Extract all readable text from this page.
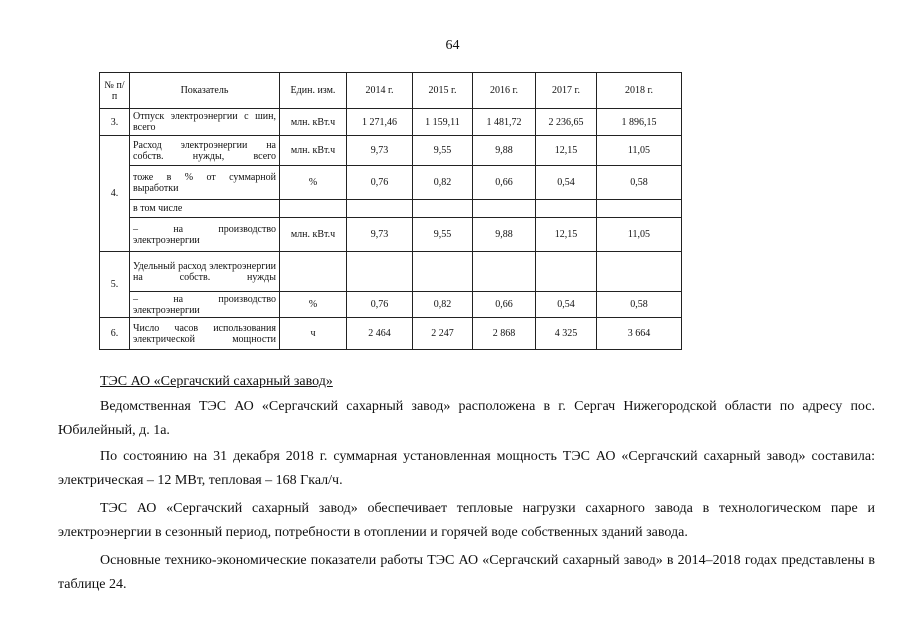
64
№ п/п	Показатель	Един. изм.	2014 г.	2015 г.	2016 г.	2017 г.	2018 г.
3.	Отпуск электроэнергии с шин, всего	млн. кВт.ч	1 271,46	1 159,11	1 481,72	2 236,65	1 896,15
4.	Расход электроэнергии на собств. нужды, всего	млн. кВт.ч	9,73	9,55	9,88	12,15	11,05
	тоже в % от суммарной выработки	%	0,76	0,82	0,66	0,54	0,58
	в том числе						
	– на производство электроэнергии	млн. кВт.ч	9,73	9,55	9,88	12,15	11,05
5.	Удельный расход электроэнергии на собств. нужды						
	– на производство электроэнергии	%	0,76	0,82	0,66	0,54	0,58
6.	Число часов использования электрической мощности	ч	2 464	2 247	2 868	4 325	3 664
ТЭС АО «Сергачский сахарный завод»

Ведомственная ТЭС АО «Сергачский сахарный завод» расположена в г. Сергач Нижегородской области по адресу пос. Юбилейный, д. 1а.

По состоянию на 31 декабря 2018 г. суммарная установленная мощность ТЭС АО «Сергачский сахарный завод» составила: электрическая – 12 МВт, тепловая – 168 Гкал/ч.

ТЭС АО «Сергачский сахарный завод» обеспечивает тепловые нагрузки сахарного завода в технологическом паре и электроэнергии в сезонный период, потребности в отоплении и горячей воде собственных зданий завода.

Основные технико-экономические показатели работы ТЭС АО «Сергачский сахарный завод» в 2014–2018 годах представлены в таблице 24.
